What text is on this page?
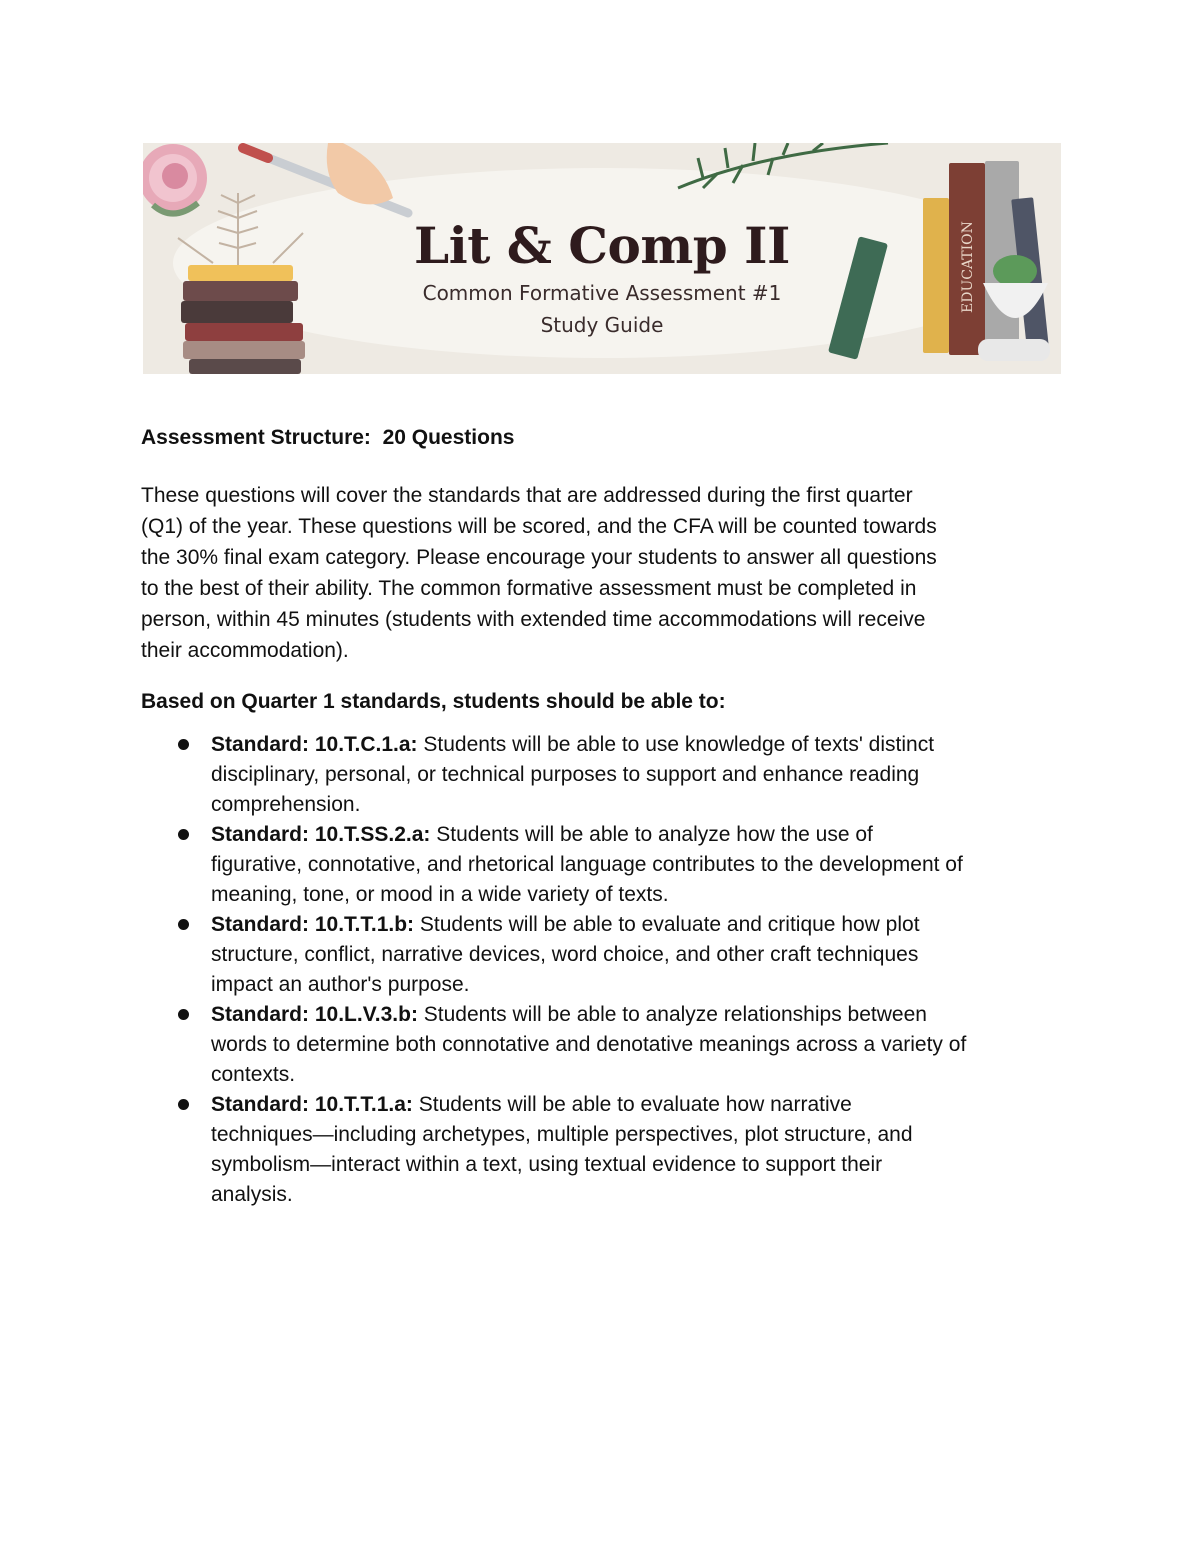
EDUCATION
Lit & Comp II
Common Formative Assessment #1
Study Guide
Assessment Structure:  20 Questions

These questions will cover the standards that are addressed during the first quarter
(Q1) of the year. These questions will be scored, and the CFA will be counted towards
the 30% final exam category. Please encourage your students to answer all questions
to the best of their ability. The common formative assessment must be completed in
person, within 45 minutes (students with extended time accommodations will receive
their accommodation).

Based on Quarter 1 standards, students should be able to:
Standard: 10.T.C.1.a: Students will be able to use knowledge of texts' distinct
disciplinary, personal, or technical purposes to support and enhance reading
comprehension.
Standard: 10.T.SS.2.a: Students will be able to analyze how the use of
figurative, connotative, and rhetorical language contributes to the development of
meaning, tone, or mood in a wide variety of texts.
Standard: 10.T.T.1.b: Students will be able to evaluate and critique how plot
structure, conflict, narrative devices, word choice, and other craft techniques
impact an author's purpose.
Standard: 10.L.V.3.b: Students will be able to analyze relationships between
words to determine both connotative and denotative meanings across a variety of
contexts.
Standard: 10.T.T.1.a: Students will be able to evaluate how narrative
techniques—including archetypes, multiple perspectives, plot structure, and
symbolism—interact within a text, using textual evidence to support their
analysis.
